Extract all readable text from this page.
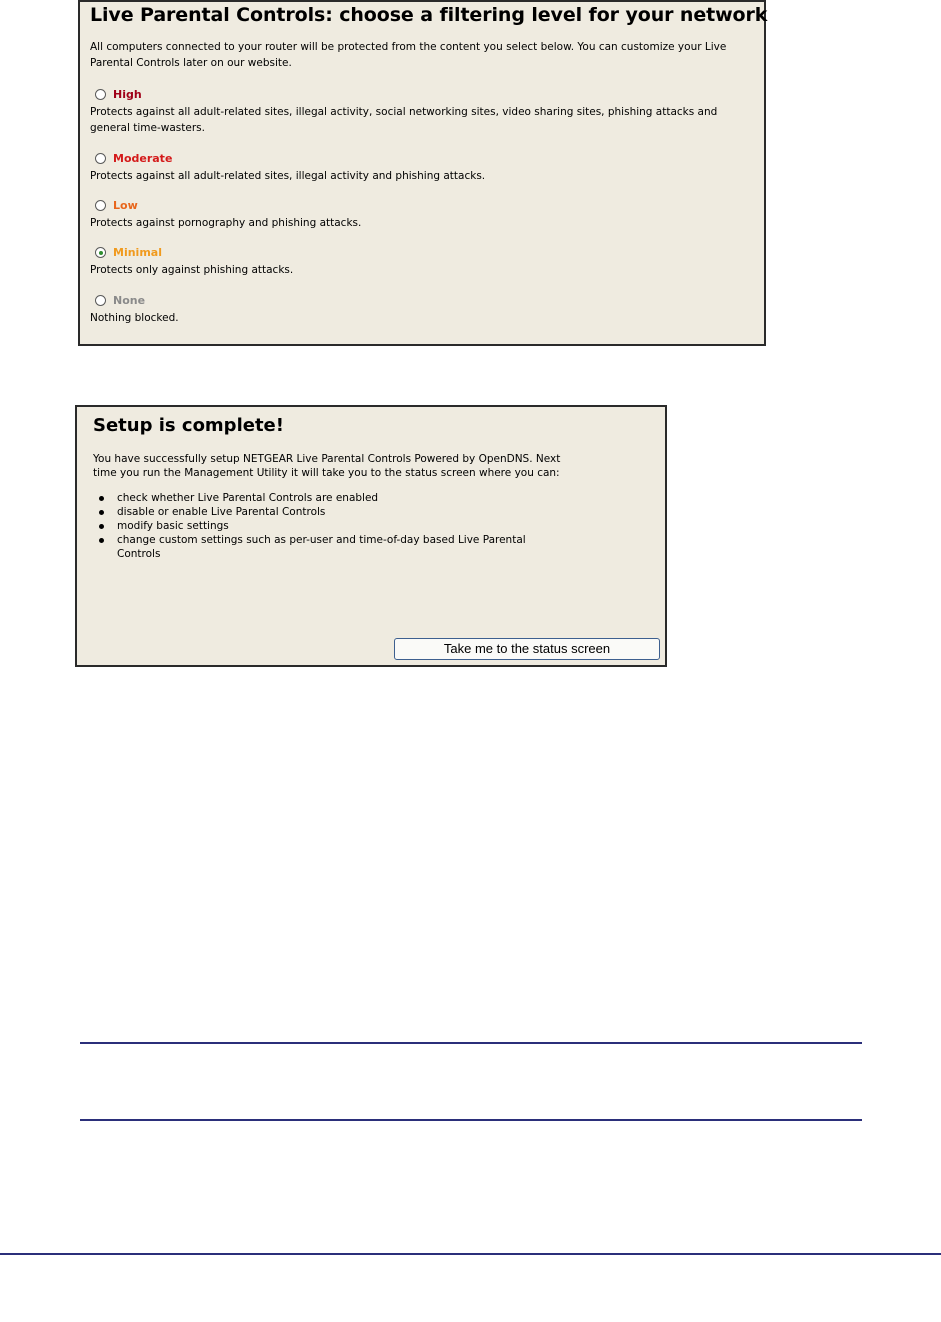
Live Parental Controls: choose a filtering level for your network
All computers connected to your router will be protected from the content you select below. You can customize your Live Parental Controls later on our website.
High
Protects against all adult-related sites, illegal activity, social networking sites, video sharing sites, phishing attacks and general time-wasters.
Moderate
Protects against all adult-related sites, illegal activity and phishing attacks.
Low
Protects against pornography and phishing attacks.
Minimal
Protects only against phishing attacks.
None
Nothing blocked.
Setup is complete!
You have successfully setup NETGEAR Live Parental Controls Powered by OpenDNS. Next time you run the Management Utility it will take you to the status screen where you can:
check whether Live Parental Controls are enabled
disable or enable Live Parental Controls
modify basic settings
change custom settings such as per-user and time-of-day based Live Parental Controls
Take me to the status screen
